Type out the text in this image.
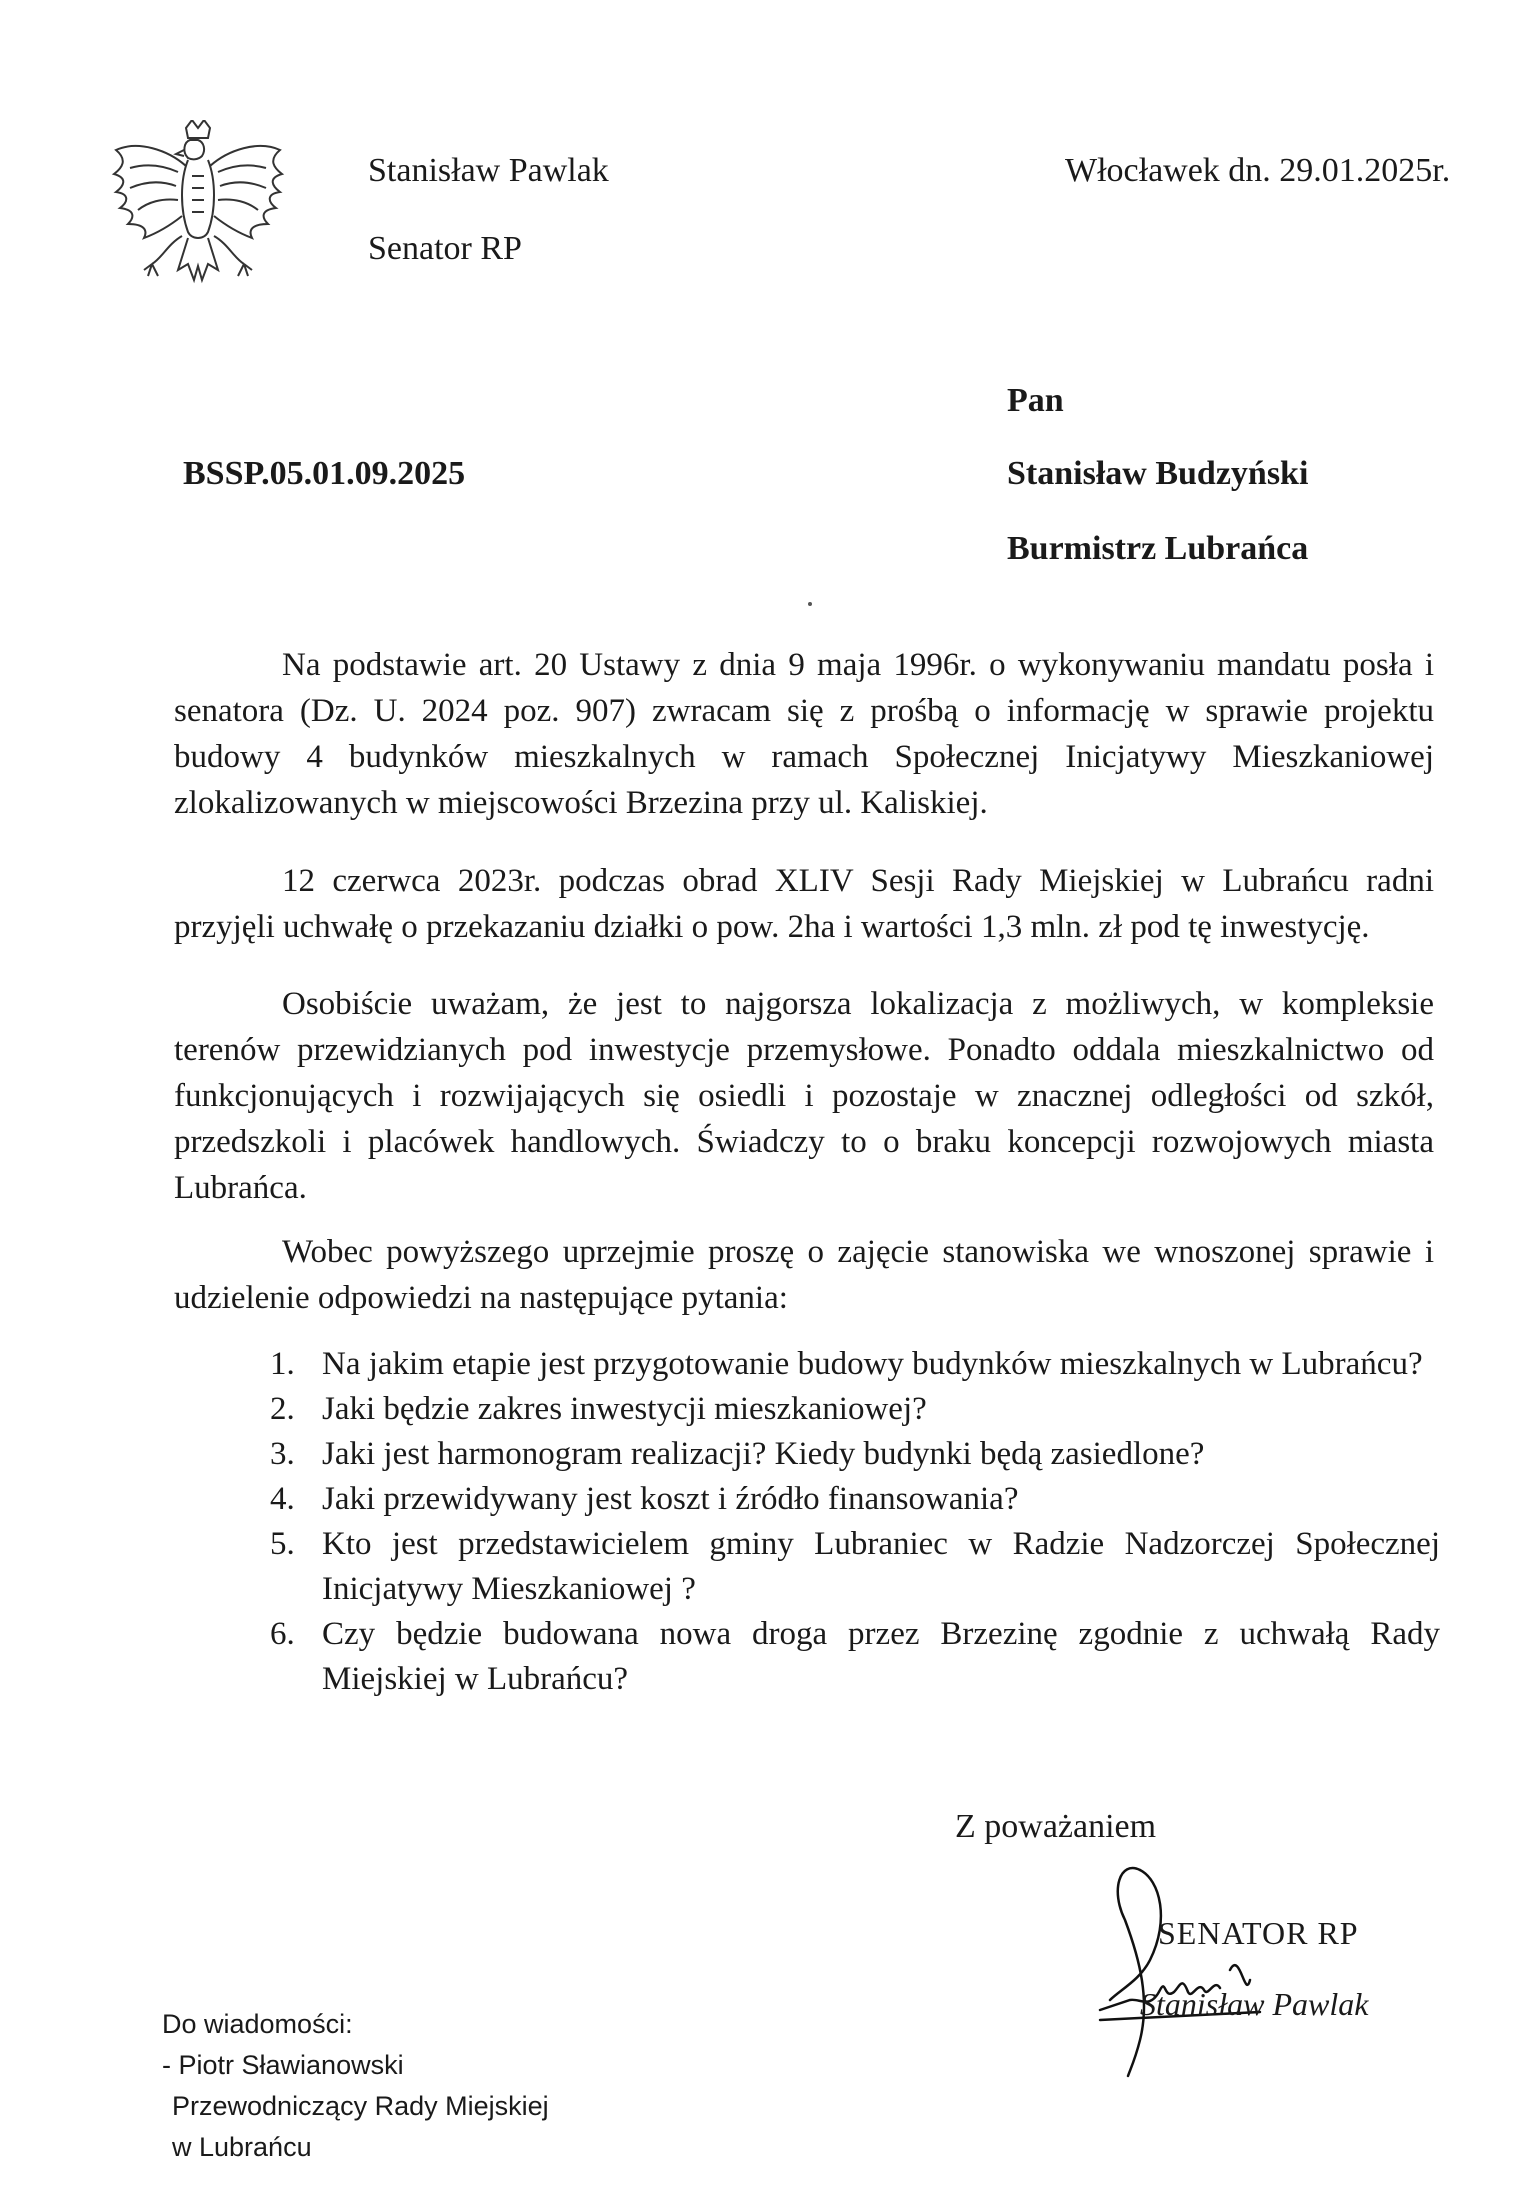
Stanisław Pawlak
Senator RP
Włocławek dn. 29.01.2025r.
Pan
BSSP.05.01.09.2025	Stanisław Budzyński
Burmistrz Lubrańca
Na podstawie art. 20 Ustawy z dnia 9 maja 1996r. o wykonywaniu mandatu posła i senatora (Dz. U. 2024 poz. 907) zwracam się z prośbą o informację w sprawie projektu budowy 4 budynków mieszkalnych w ramach Społecznej Inicjatywy Mieszkaniowej zlokalizowanych w miejscowości Brzezina przy ul. Kaliskiej.
12 czerwca 2023r. podczas obrad XLIV Sesji Rady Miejskiej w Lubrańcu radni przyjęli uchwałę o przekazaniu działki o pow. 2ha i wartości 1,3 mln. zł pod tę inwestycję.
Osobiście uważam, że jest to najgorsza lokalizacja z możliwych, w kompleksie terenów przewidzianych pod inwestycje przemysłowe. Ponadto oddala mieszkalnictwo od funkcjonujących i rozwijających się osiedli i pozostaje w znacznej odległości od szkół, przedszkoli i placówek handlowych. Świadczy to o braku koncepcji rozwojowych miasta Lubrańca.
Wobec powyższego uprzejmie proszę o zajęcie stanowiska we wnoszonej sprawie i udzielenie odpowiedzi na następujące pytania:
1. Na jakim etapie jest przygotowanie budowy budynków mieszkalnych w Lubrańcu?
2. Jaki będzie zakres inwestycji mieszkaniowej?
3. Jaki jest harmonogram realizacji? Kiedy budynki będą zasiedlone?
4. Jaki przewidywany jest koszt i źródło finansowania?
5. Kto jest przedstawicielem gminy Lubraniec w Radzie Nadzorczej Społecznej Inicjatywy Mieszkaniowej ?
6. Czy będzie budowana nowa droga przez Brzezinę zgodnie z uchwałą Rady Miejskiej w Lubrańcu?
Z poważaniem
SENATOR RP
Stanisław Pawlak
Do wiadomości:
- Piotr Sławianowski
Przewodniczący Rady Miejskiej
w Lubrańcu
